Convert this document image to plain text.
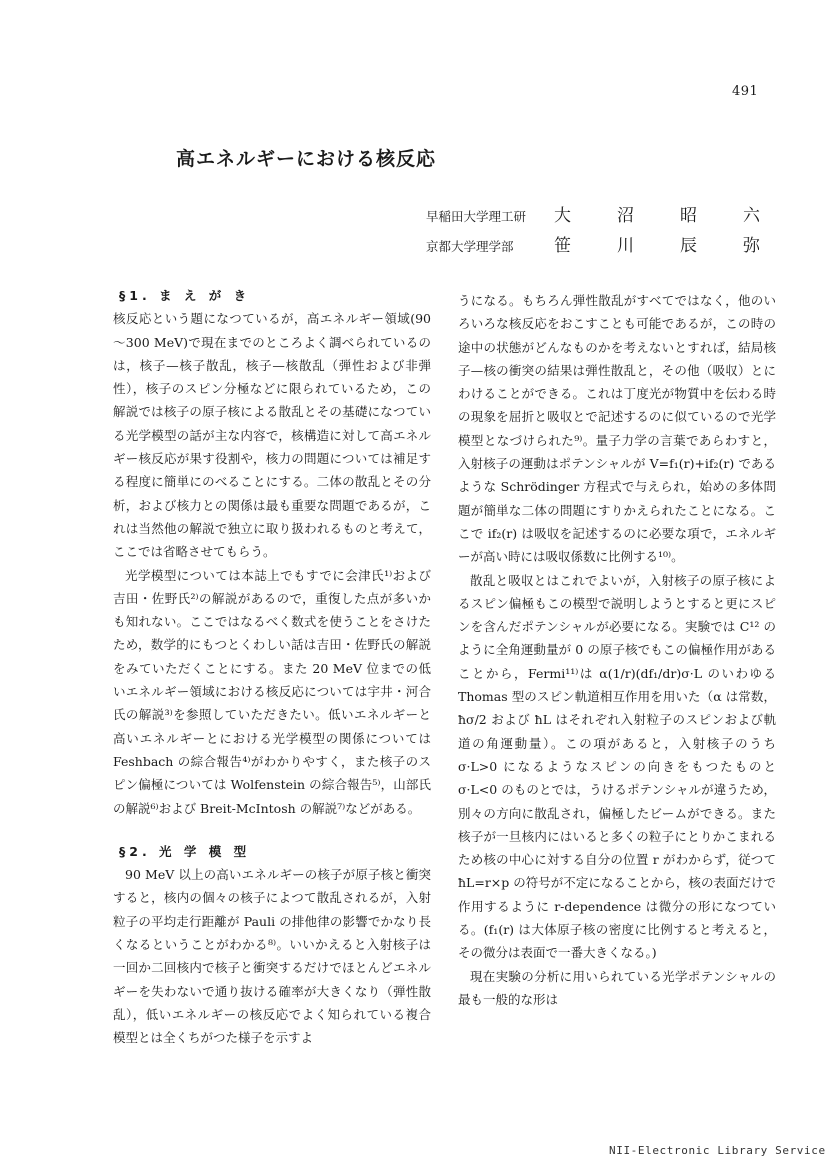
491
高エネルギーにおける核反応
早稲田大学理工研	大沼昭六
京都大学理学部	笹川辰弥
§1. ま え が き

核反応という題になつているが，高エネルギー領域(90～300 MeV)で現在までのところよく調べられているのは，核子—核子散乱，核子—核散乱（弾性および非弾性），核子のスピン分極などに限られているため，この解説では核子の原子核による散乱とその基礎になつている光学模型の話が主な内容で，核構造に対して高エネルギー核反応が果す役割や，核力の問題については補足する程度に簡単にのべることにする。二体の散乱とその分析，および核力との関係は最も重要な問題であるが，これは当然他の解説で独立に取り扱われるものと考えて，ここでは省略させてもらう。

光学模型については本誌上でもすでに会津氏¹⁾および吉田・佐野氏²⁾の解説があるので，重復した点が多いかも知れない。ここではなるべく数式を使うことをさけたため，数学的にもつとくわしい話は吉田・佐野氏の解説をみていただくことにする。また 20 MeV 位までの低いエネルギー領域における核反応については宇井・河合氏の解説³⁾を参照していただきたい。低いエネルギーと高いエネルギーとにおける光学模型の関係については Feshbach の綜合報告⁴⁾がわかりやすく，また核子のスピン偏極については Wolfenstein の綜合報告⁵⁾，山部氏の解説⁶⁾および Breit-McIntosh の解説⁷⁾などがある。

§2. 光 学 模 型

90 MeV 以上の高いエネルギーの核子が原子核と衝突すると，核内の個々の核子によつて散乱されるが，入射粒子の平均走行距離が Pauli の排他律の影響でかなり長くなるということがわかる⁸⁾。いいかえると入射核子は一回か二回核内で核子と衝突するだけでほとんどエネルギーを失わないで通り抜ける確率が大きくなり（弾性散乱），低いエネルギーの核反応でよく知られている複合模型とは全くちがつた様子を示すよ

うになる。もちろん弾性散乱がすべてではなく，他のいろいろな核反応をおこすことも可能であるが，この時の途中の状態がどんなものかを考えないとすれば，結局核子—核の衝突の結果は弾性散乱と，その他（吸収）とにわけることができる。これは丁度光が物質中を伝わる時の現象を屈折と吸収とで記述するのに似ているので光学模型となづけられた⁹⁾。量子力学の言葉であらわすと，入射核子の運動はポテンシャルが V=f₁(r)+if₂(r) であるような Schrödinger 方程式で与えられ，始めの多体問題が簡単な二体の問題にすりかえられたことになる。ここで if₂(r) は吸収を記述するのに必要な項で，エネルギーが高い時には吸収係数に比例する¹⁰⁾。

散乱と吸収とはこれでよいが，入射核子の原子核によるスピン偏極もこの模型で説明しようとすると更にスピンを含んだポテンシャルが必要になる。実験では C¹² のように全角運動量が 0 の原子核でもこの偏極作用があることから，Fermi¹¹⁾は α(1/r)(df₁/dr)σ·L のいわゆる Thomas 型のスピン軌道相互作用を用いた（α は常数，ħσ/2 および ħL はそれぞれ入射粒子のスピンおよび軌道の角運動量）。この項があると，入射核子のうち σ·L>0 になるようなスピンの向きをもつたものと σ·L<0 のものとでは，うけるポテンシャルが違うため，別々の方向に散乱され，偏極したビームができる。また核子が一旦核内にはいると多くの粒子にとりかこまれるため核の中心に対する自分の位置 r がわからず，従つて ħL=r×p の符号が不定になることから，核の表面だけで作用するように r-dependence は微分の形になつている。(f₁(r) は大体原子核の密度に比例すると考えると，その微分は表面で一番大きくなる。)

現在実験の分析に用いられている光学ポテンシャルの最も一般的な形は

NII-Electronic Library Service
